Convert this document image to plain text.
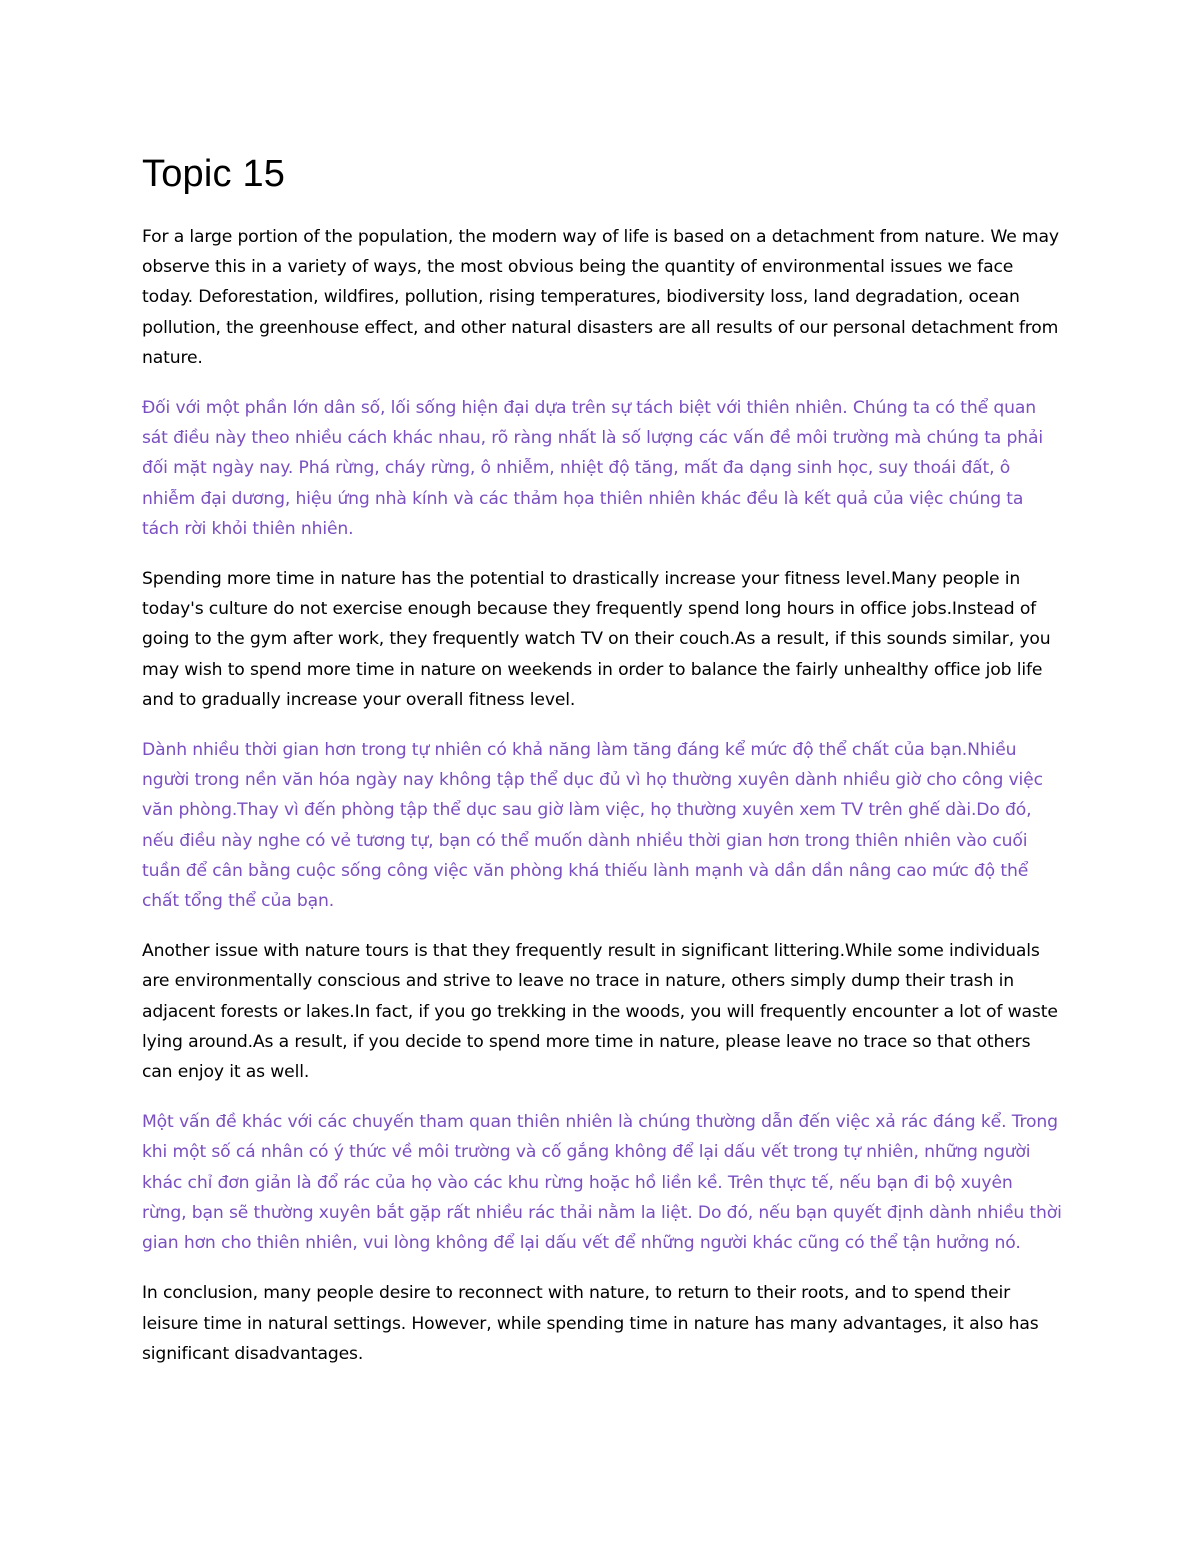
Topic 15

For a large portion of the population, the modern way of life is based on a detachment from nature. We may observe this in a variety of ways, the most obvious being the quantity of environmental issues we face today. Deforestation, wildfires, pollution, rising temperatures, biodiversity loss, land degradation, ocean pollution, the greenhouse effect, and other natural disasters are all results of our personal detachment from nature.

Đối với một phần lớn dân số, lối sống hiện đại dựa trên sự tách biệt với thiên nhiên. Chúng ta có thể quan sát điều này theo nhiều cách khác nhau, rõ ràng nhất là số lượng các vấn đề môi trường mà chúng ta phải đối mặt ngày nay. Phá rừng, cháy rừng, ô nhiễm, nhiệt độ tăng, mất đa dạng sinh học, suy thoái đất, ô nhiễm đại dương, hiệu ứng nhà kính và các thảm họa thiên nhiên khác đều là kết quả của việc chúng ta tách rời khỏi thiên nhiên.

Spending more time in nature has the potential to drastically increase your fitness level.Many people in today's culture do not exercise enough because they frequently spend long hours in office jobs.Instead of going to the gym after work, they frequently watch TV on their couch.As a result, if this sounds similar, you may wish to spend more time in nature on weekends in order to balance the fairly unhealthy office job life and to gradually increase your overall fitness level.

Dành nhiều thời gian hơn trong tự nhiên có khả năng làm tăng đáng kể mức độ thể chất của bạn.Nhiều người trong nền văn hóa ngày nay không tập thể dục đủ vì họ thường xuyên dành nhiều giờ cho công việc văn phòng.Thay vì đến phòng tập thể dục sau giờ làm việc, họ thường xuyên xem TV trên ghế dài.Do đó, nếu điều này nghe có vẻ tương tự, bạn có thể muốn dành nhiều thời gian hơn trong thiên nhiên vào cuối tuần để cân bằng cuộc sống công việc văn phòng khá thiếu lành mạnh và dần dần nâng cao mức độ thể chất tổng thể của bạn.

Another issue with nature tours is that they frequently result in significant littering.While some individuals are environmentally conscious and strive to leave no trace in nature, others simply dump their trash in adjacent forests or lakes.In fact, if you go trekking in the woods, you will frequently encounter a lot of waste lying around.As a result, if you decide to spend more time in nature, please leave no trace so that others can enjoy it as well.

Một vấn đề khác với các chuyến tham quan thiên nhiên là chúng thường dẫn đến việc xả rác đáng kể. Trong khi một số cá nhân có ý thức về môi trường và cố gắng không để lại dấu vết trong tự nhiên, những người khác chỉ đơn giản là đổ rác của họ vào các khu rừng hoặc hồ liền kề. Trên thực tế, nếu bạn đi bộ xuyên rừng, bạn sẽ thường xuyên bắt gặp rất nhiều rác thải nằm la liệt. Do đó, nếu bạn quyết định dành nhiều thời gian hơn cho thiên nhiên, vui lòng không để lại dấu vết để những người khác cũng có thể tận hưởng nó.

In conclusion, many people desire to reconnect with nature, to return to their roots, and to spend their leisure time in natural settings. However, while spending time in nature has many advantages, it also has significant disadvantages.
